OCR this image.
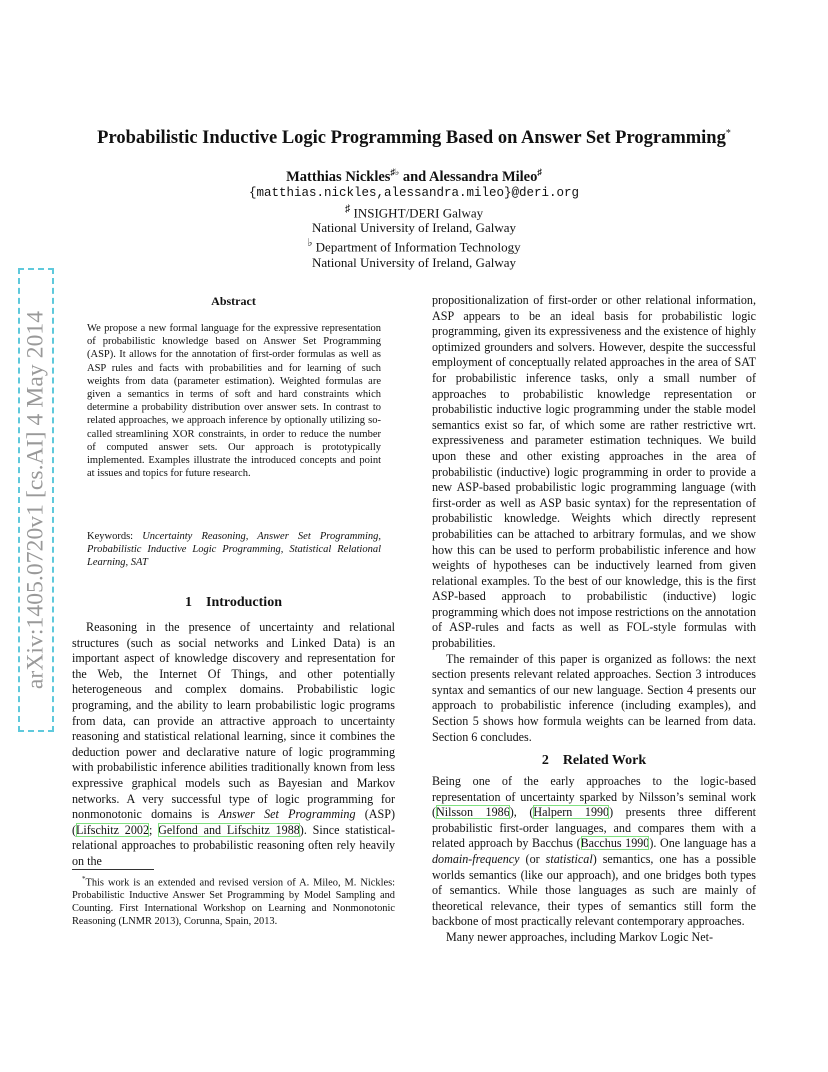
arXiv:1405.0720v1 [cs.AI] 4 May 2014
Probabilistic Inductive Logic Programming Based on Answer Set Programming*
Matthias Nickles♯♭ and Alessandra Mileo♯
{matthias.nickles,alessandra.mileo}@deri.org
♯ INSIGHT/DERI Galway
National University of Ireland, Galway
♭ Department of Information Technology
National University of Ireland, Galway
Abstract

We propose a new formal language for the expressive representation of probabilistic knowledge based on Answer Set Programming (ASP). It allows for the annotation of first-order formulas as well as ASP rules and facts with probabilities and for learning of such weights from data (parameter estimation). Weighted formulas are given a semantics in terms of soft and hard constraints which determine a probability distribution over answer sets. In contrast to related approaches, we approach inference by optionally utilizing so-called streamlining XOR constraints, in order to reduce the number of computed answer sets. Our approach is prototypically implemented. Examples illustrate the introduced concepts and point at issues and topics for future research.

Keywords: Uncertainty Reasoning, Answer Set Programming, Probabilistic Inductive Logic Programming, Statistical Relational Learning, SAT

1 Introduction

Reasoning in the presence of uncertainty and relational structures (such as social networks and Linked Data) is an important aspect of knowledge discovery and representation for the Web, the Internet Of Things, and other potentially heterogeneous and complex domains. Probabilistic logic programing, and the ability to learn probabilistic logic programs from data, can provide an attractive approach to uncertainty reasoning and statistical relational learning, since it combines the deduction power and declarative nature of logic programming with probabilistic inference abilities traditionally known from less expressive graphical models such as Bayesian and Markov networks. A very successful type of logic programming for nonmonotonic domains is Answer Set Programming (ASP) (Lifschitz 2002; Gelfond and Lifschitz 1988). Since statistical-relational approaches to probabilistic reasoning often rely heavily on the

*This work is an extended and revised version of A. Mileo, M. Nickles: Probabilistic Inductive Answer Set Programming by Model Sampling and Counting. First International Workshop on Learning and Nonmonotonic Reasoning (LNMR 2013), Corunna, Spain, 2013.

propositionalization of first-order or other relational information, ASP appears to be an ideal basis for probabilistic logic programming, given its expressiveness and the existence of highly optimized grounders and solvers. However, despite the successful employment of conceptually related approaches in the area of SAT for probabilistic inference tasks, only a small number of approaches to probabilistic knowledge representation or probabilistic inductive logic programming under the stable model semantics exist so far, of which some are rather restrictive wrt. expressiveness and parameter estimation techniques. We build upon these and other existing approaches in the area of probabilistic (inductive) logic programming in order to provide a new ASP-based probabilistic logic programming language (with first-order as well as ASP basic syntax) for the representation of probabilistic knowledge. Weights which directly represent probabilities can be attached to arbitrary formulas, and we show how this can be used to perform probabilistic inference and how weights of hypotheses can be inductively learned from given relational examples. To the best of our knowledge, this is the first ASP-based approach to probabilistic (inductive) logic programming which does not impose restrictions on the annotation of ASP-rules and facts as well as FOL-style formulas with probabilities.

The remainder of this paper is organized as follows: the next section presents relevant related approaches. Section 3 introduces syntax and semantics of our new language. Section 4 presents our approach to probabilistic inference (including examples), and Section 5 shows how formula weights can be learned from data. Section 6 concludes.

2 Related Work

Being one of the early approaches to the logic-based representation of uncertainty sparked by Nilsson’s seminal work (Nilsson 1986), (Halpern 1990) presents three different probabilistic first-order languages, and compares them with a related approach by Bacchus (Bacchus 1990). One language has a domain-frequency (or statistical) semantics, one has a possible worlds semantics (like our approach), and one bridges both types of semantics. While those languages as such are mainly of theoretical relevance, their types of semantics still form the backbone of most practically relevant contemporary approaches.

Many newer approaches, including Markov Logic Net-
